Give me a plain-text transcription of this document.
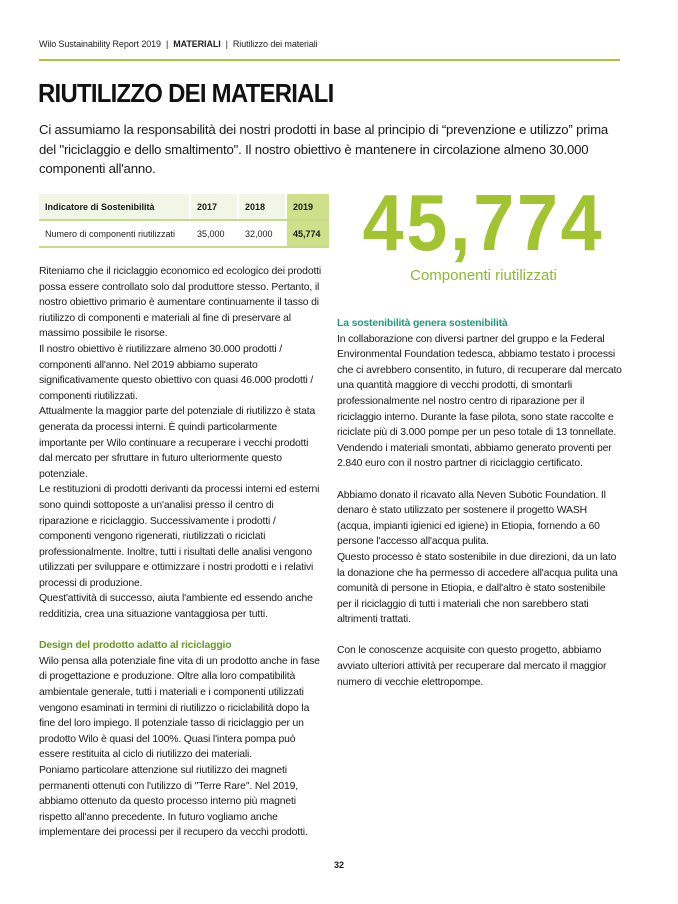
Wilo Sustainability Report 2019 | MATERIALI | Riutilizzo dei materiali
RIUTILIZZO DEI MATERIALI
Ci assumiamo la responsabilità dei nostri prodotti in base al principio di “prevenzione e utilizzo” prima del "riciclaggio e dello smaltimento". Il nostro obiettivo è mantenere in circolazione almeno 30.000 componenti all'anno.
Indicatore di Sostenibilità	2017	2018	2019
Numero di componenti riutilizzati	35,000	32,000	45,774 45,774
Componenti riutilizzati

Riteniamo che il riciclaggio economico ed ecologico dei prodotti possa essere controllato solo dal produttore stesso. Pertanto, il nostro obiettivo primario è aumentare continuamente il tasso di riutilizzo di componenti e materiali al fine di preservare al massimo possibile le risorse.

Il nostro obiettivo è riutilizzare almeno 30.000 prodotti / componenti all'anno. Nel 2019 abbiamo superato significativamente questo obiettivo con quasi 46.000 prodotti / componenti riutilizzati.

Attualmente la maggior parte del potenziale di riutilizzo è stata generata da processi interni. È quindi particolarmente importante per Wilo continuare a recuperare i vecchi prodotti dal mercato per sfruttare in futuro ulteriormente questo potenziale.

Le restituzioni di prodotti derivanti da processi interni ed esterni sono quindi sottoposte a un'analisi presso il centro di riparazione e riciclaggio. Successivamente i prodotti / componenti vengono rigenerati, riutilizzati o riciclati professionalmente. Inoltre, tutti i risultati delle analisi vengono utilizzati per sviluppare e ottimizzare i nostri prodotti e i relativi processi di produzione.

Quest'attività di successo, aiuta l'ambiente ed essendo anche redditizia, crea una situazione vantaggiosa per tutti.

Design del prodotto adatto al riciclaggio

Wilo pensa alla potenziale fine vita di un prodotto anche in fase di progettazione e produzione. Oltre alla loro compatibilità ambientale generale, tutti i materiali e i componenti utilizzati vengono esaminati in termini di riutilizzo o riciclabilità dopo la fine del loro impiego. Il potenziale tasso di riciclaggio per un prodotto Wilo è quasi del 100%. Quasi l'intera pompa può essere restituita al ciclo di riutilizzo dei materiali.

Poniamo particolare attenzione sul riutilizzo dei magneti permanenti ottenuti con l'utilizzo di "Terre Rare". Nel 2019, abbiamo ottenuto da questo processo interno più magneti rispetto all'anno precedente. In futuro vogliamo anche implementare dei processi per il recupero da vecchi prodotti.

La sostenibilità genera sostenibilità

In collaborazione con diversi partner del gruppo e la Federal Environmental Foundation tedesca, abbiamo testato i processi che ci avrebbero consentito, in futuro, di recuperare dal mercato una quantità maggiore di vecchi prodotti, di smontarli professionalmente nel nostro centro di riparazione per il riciclaggio interno. Durante la fase pilota, sono state raccolte e riciclate più di 3.000 pompe per un peso totale di 13 tonnellate. Vendendo i materiali smontati, abbiamo generato proventi per 2.840 euro con il nostro partner di riciclaggio certificato.

Abbiamo donato il ricavato alla Neven Subotic Foundation. Il denaro è stato utilizzato per sostenere il progetto WASH (acqua, impianti igienici ed igiene) in Etiopia, fornendo a 60 persone l'accesso all'acqua pulita.

Questo processo è stato sostenibile in due direzioni, da un lato la donazione che ha permesso di accedere all'acqua pulita una comunità di persone in Etiopia, e dall'altro è stato sostenibile per il riciclaggio di tutti i materiali che non sarebbero stati altrimenti trattati.

Con le conoscenze acquisite con questo progetto, abbiamo avviato ulteriori attività per recuperare dal mercato il maggior numero di vecchie elettropompe.

32
